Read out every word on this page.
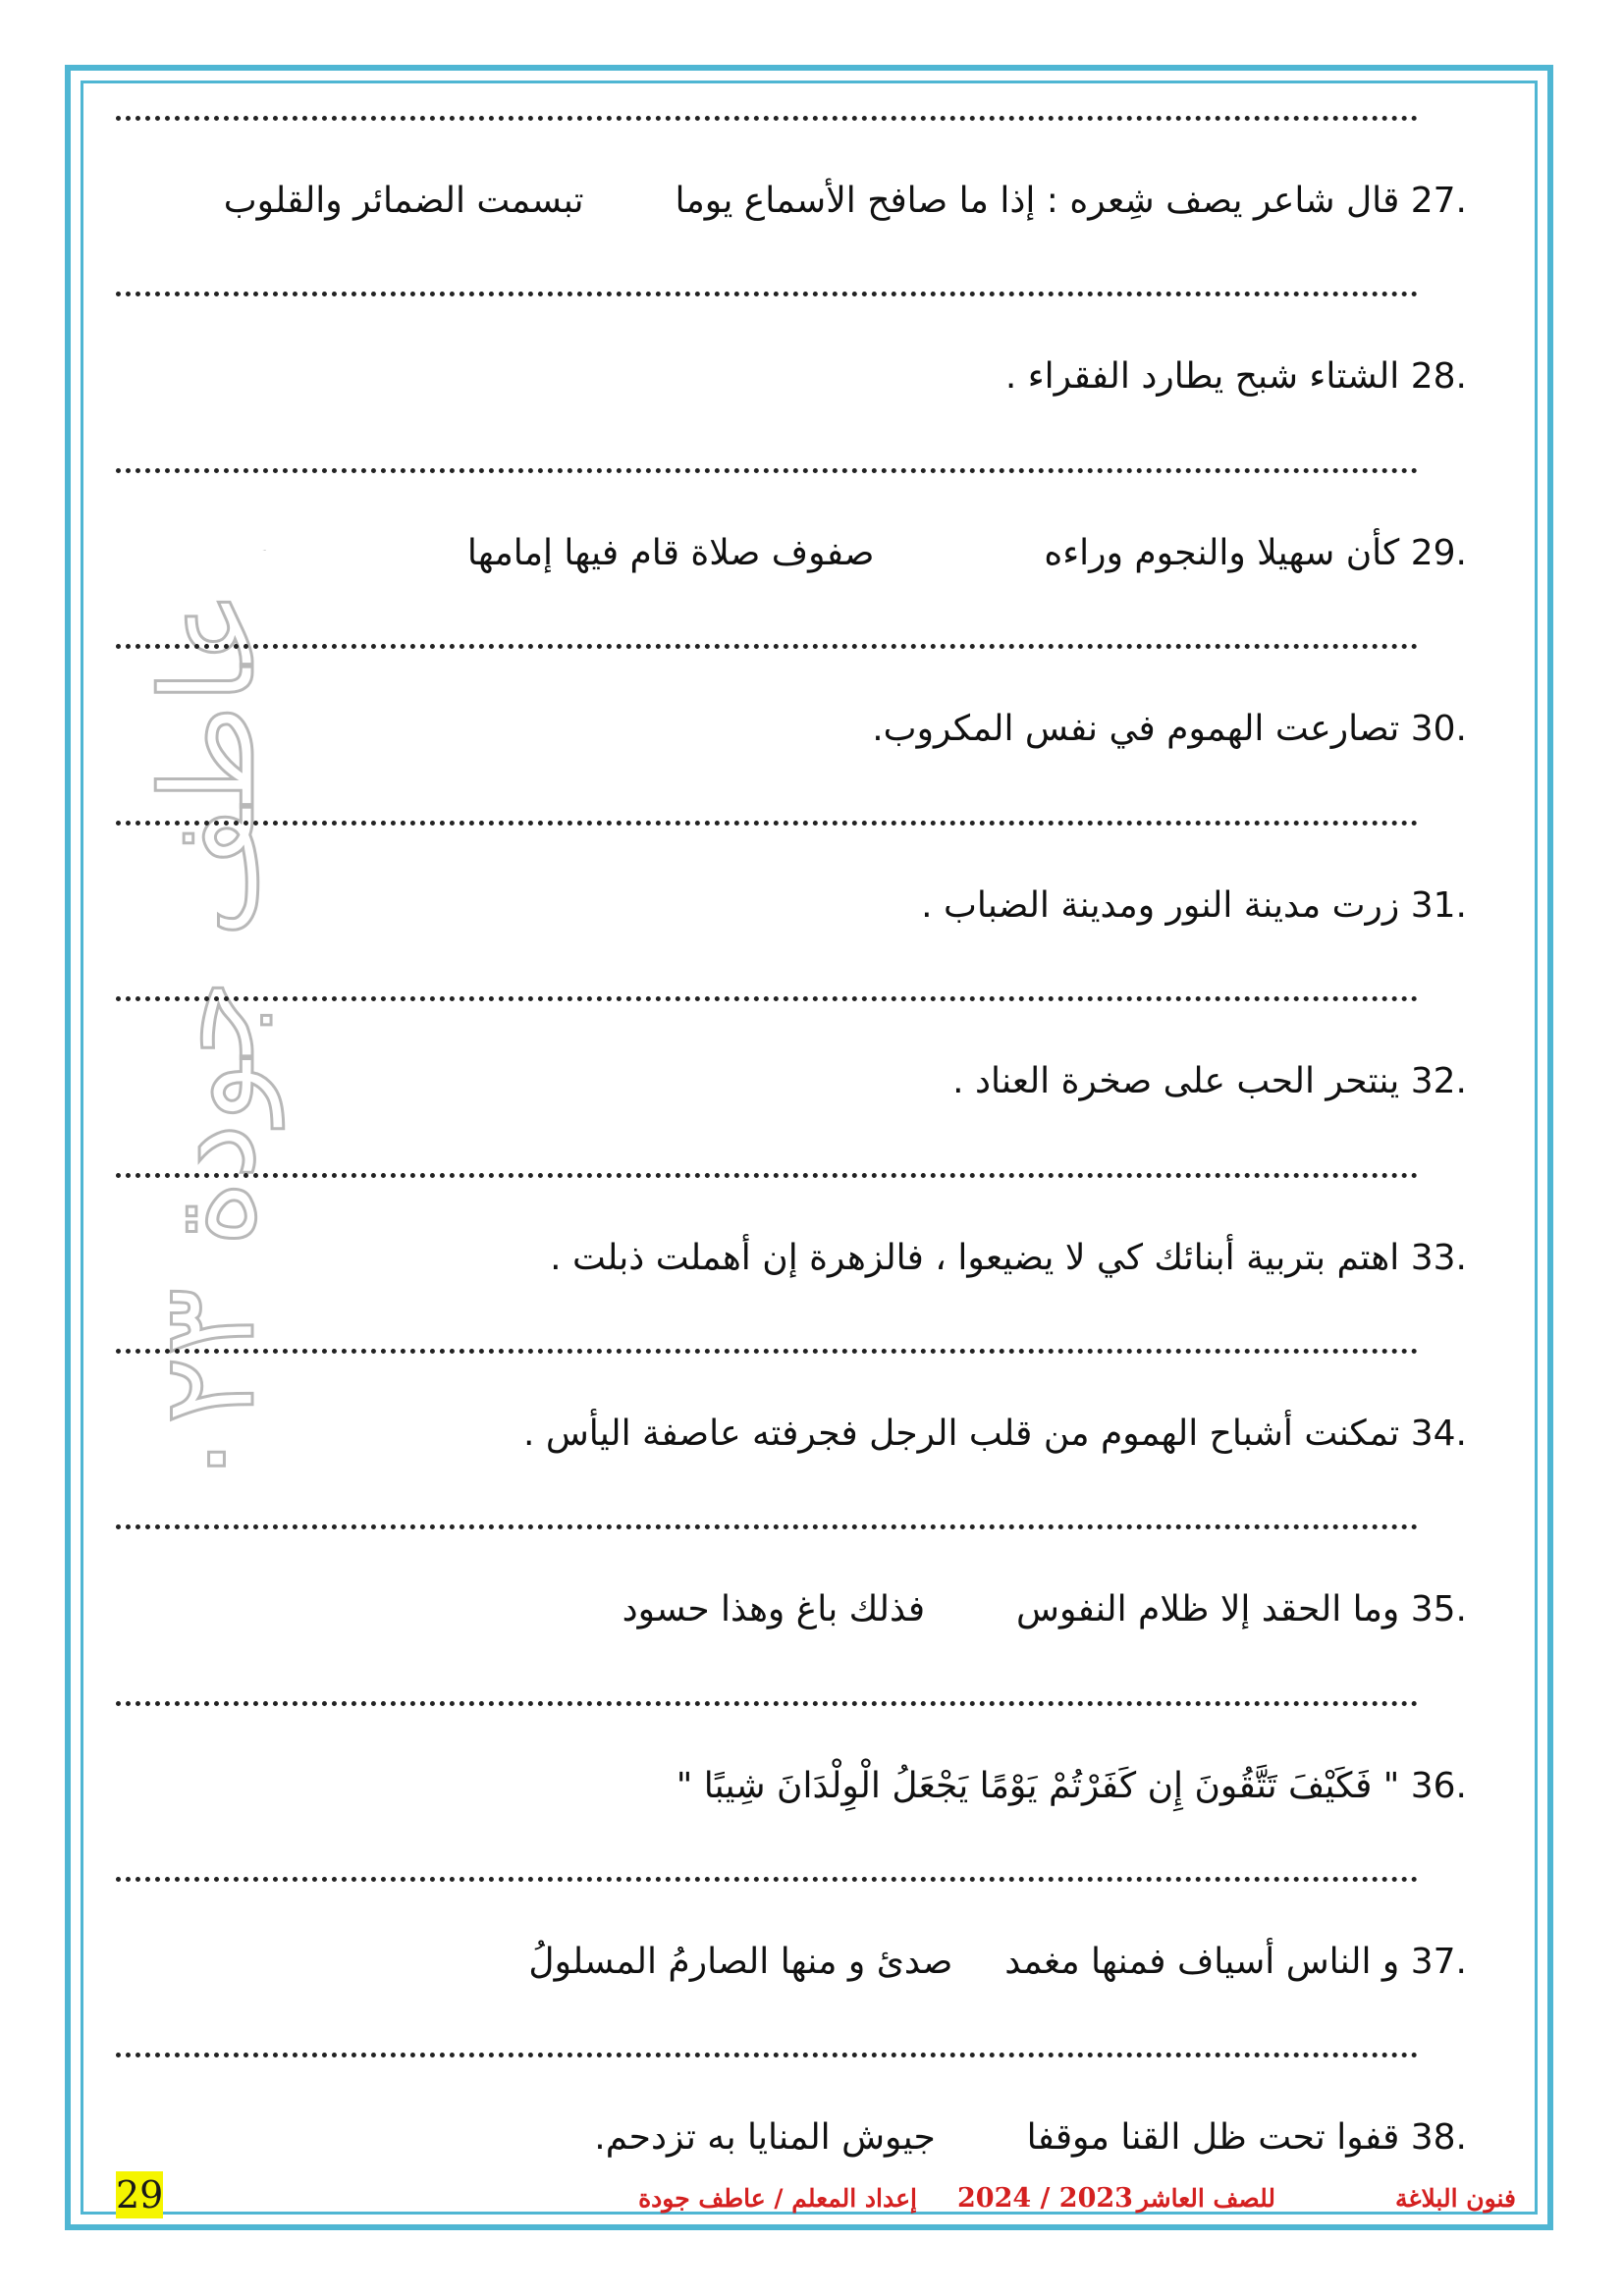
أ/ عاطف جودة ٢٠٢٣
27. قال شاعر يصف شِعره : إذا ما صافح الأسماع يوما  تبسمت الضمائر والقلوب
28. الشتاء شبح يطارد الفقراء .
29. كأن سهيلا والنجوم وراءه  صفوف صلاة قام فيها إمامها
30. تصارعت الهموم في نفس المكروب.
31. زرت مدينة النور ومدينة الضباب .
32. ينتحر الحب على صخرة العناد .
33. اهتم بتربية أبنائك كي لا يضيعوا ، فالزهرة إن أهملت ذبلت .
34. تمكنت أشباح الهموم من قلب الرجل فجرفته عاصفة اليأس .
35. وما الحقد إلا ظلام النفوس  فذلك باغ وهذا حسود
36. " فَكَيْفَ تَتَّقُونَ إِن كَفَرْتُمْ يَوْمًا يَجْعَلُ الْوِلْدَانَ شِيبًا "
37. و الناس أسياف فمنها مغمد  صدئ و منها الصارمُ المسلولُ
38. قفوا تحت ظل القنا موقفا  جيوش المنايا به تزدحم.
29	فنون البلاغة
للصف العاشر
2024 / 2023
إعداد المعلم / عاطف جودة
